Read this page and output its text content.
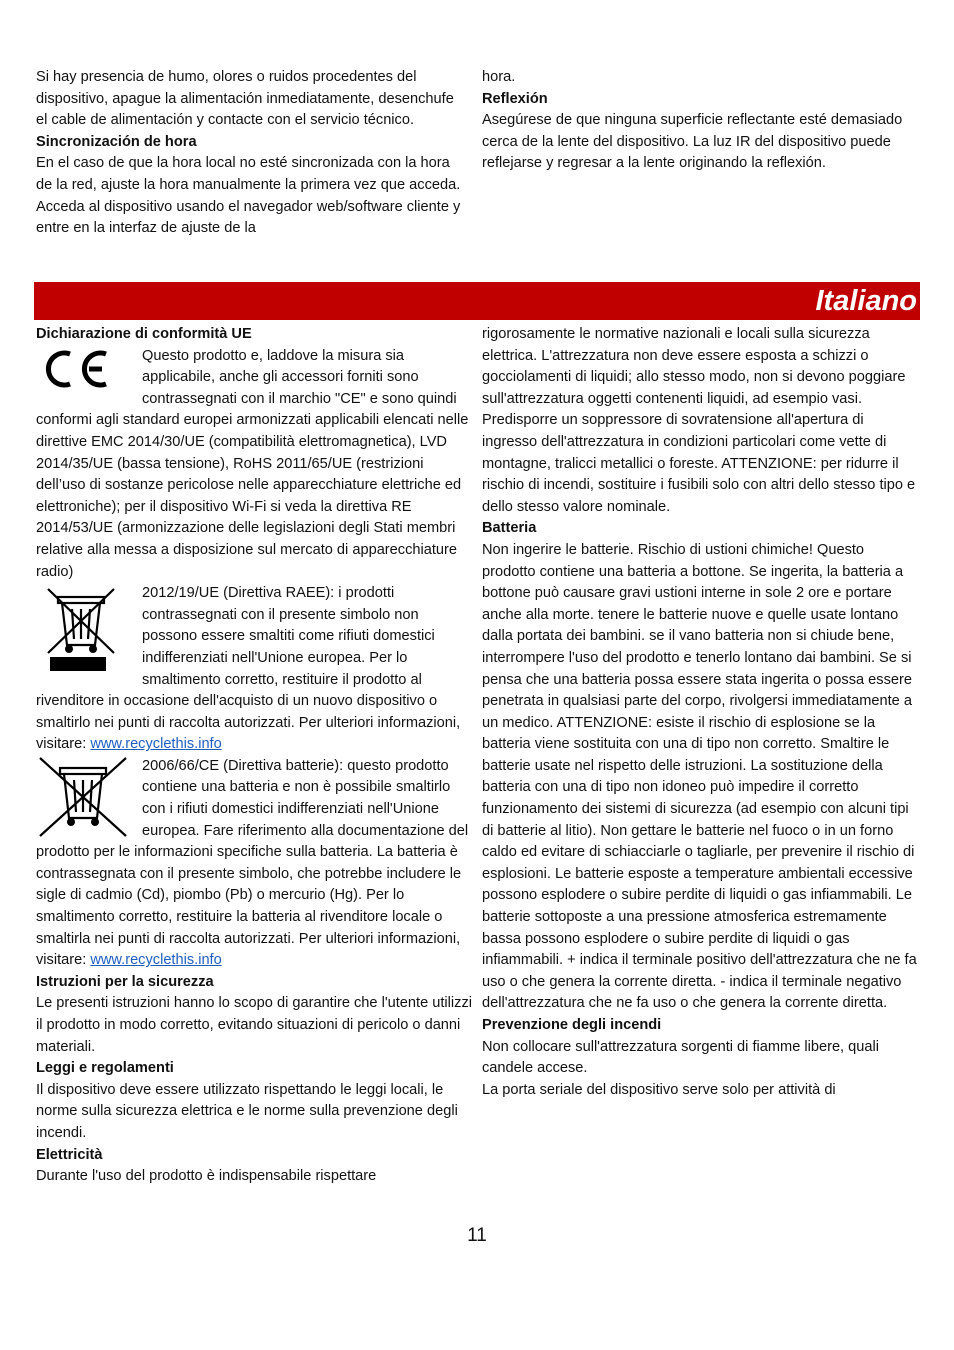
Si hay presencia de humo, olores o ruidos procedentes del dispositivo, apague la alimentación inmediatamente, desenchufe el cable de alimentación y contacte con el servicio técnico.

Sincronización de hora

En el caso de que la hora local no esté sincronizada con la hora de la red, ajuste la hora manualmente la primera vez que acceda. Acceda al dispositivo usando el navegador web/software cliente y entre en la interfaz de ajuste de la

hora.

Reflexión

Asegúrese de que ninguna superficie reflectante esté demasiado cerca de la lente del dispositivo. La luz IR del dispositivo puede reflejarse y regresar a la lente originando la reflexión.

Italiano

Dichiarazione di conformità UE

Questo prodotto e, laddove la misura sia applicabile, anche gli accessori forniti sono contrassegnati con il marchio "CE" e sono quindi conformi agli standard europei armonizzati applicabili elencati nelle direttive EMC 2014/30/UE (compatibilità elettromagnetica), LVD 2014/35/UE (bassa tensione), RoHS 2011/65/UE (restrizioni dell’uso di sostanze pericolose nelle apparecchiature elettriche ed elettroniche); per il dispositivo Wi-Fi si veda la direttiva RE 2014/53/UE (armonizzazione delle legislazioni degli Stati membri relative alla messa a disposizione sul mercato di apparecchiature radio)

2012/19/UE (Direttiva RAEE): i prodotti contrassegnati con il presente simbolo non possono essere smaltiti come rifiuti domestici indifferenziati nell'Unione europea. Per lo smaltimento corretto, restituire il prodotto al rivenditore in occasione dell'acquisto di un nuovo dispositivo o smaltirlo nei punti di raccolta autorizzati. Per ulteriori informazioni, visitare: www.recyclethis.info

2006/66/CE (Direttiva batterie): questo prodotto contiene una batteria e non è possibile smaltirlo con i rifiuti domestici indifferenziati nell'Unione europea. Fare riferimento alla documentazione del prodotto per le informazioni specifiche sulla batteria. La batteria è contrassegnata con il presente simbolo, che potrebbe includere le sigle di cadmio (Cd), piombo (Pb) o mercurio (Hg). Per lo smaltimento corretto, restituire la batteria al rivenditore locale o smaltirla nei punti di raccolta autorizzati. Per ulteriori informazioni, visitare: www.recyclethis.info

Istruzioni per la sicurezza

Le presenti istruzioni hanno lo scopo di garantire che l'utente utilizzi il prodotto in modo corretto, evitando situazioni di pericolo o danni materiali.

Leggi e regolamenti

Il dispositivo deve essere utilizzato rispettando le leggi locali, le norme sulla sicurezza elettrica e le norme sulla prevenzione degli incendi.

Elettricità

Durante l'uso del prodotto è indispensabile rispettare

rigorosamente le normative nazionali e locali sulla sicurezza elettrica. L'attrezzatura non deve essere esposta a schizzi o gocciolamenti di liquidi; allo stesso modo, non si devono poggiare sull'attrezzatura oggetti contenenti liquidi, ad esempio vasi. Predisporre un soppressore di sovratensione all'apertura di ingresso dell'attrezzatura in condizioni particolari come vette di montagne, tralicci metallici o foreste. ATTENZIONE: per ridurre il rischio di incendi, sostituire i fusibili solo con altri dello stesso tipo e dello stesso valore nominale.

Batteria

Non ingerire le batterie. Rischio di ustioni chimiche! Questo prodotto contiene una batteria a bottone. Se ingerita, la batteria a bottone può causare gravi ustioni interne in sole 2 ore e portare anche alla morte. tenere le batterie nuove e quelle usate lontano dalla portata dei bambini. se il vano batteria non si chiude bene, interrompere l'uso del prodotto e tenerlo lontano dai bambini. Se si pensa che una batteria possa essere stata ingerita o possa essere penetrata in qualsiasi parte del corpo, rivolgersi immediatamente a un medico. ATTENZIONE: esiste il rischio di esplosione se la batteria viene sostituita con una di tipo non corretto. Smaltire le batterie usate nel rispetto delle istruzioni. La sostituzione della batteria con una di tipo non idoneo può impedire il corretto funzionamento dei sistemi di sicurezza (ad esempio con alcuni tipi di batterie al litio). Non gettare le batterie nel fuoco o in un forno caldo ed evitare di schiacciarle o tagliarle, per prevenire il rischio di esplosioni. Le batterie esposte a temperature ambientali eccessive possono esplodere o subire perdite di liquidi o gas infiammabili. Le batterie sottoposte a una pressione atmosferica estremamente bassa possono esplodere o subire perdite di liquidi o gas infiammabili. + indica il terminale positivo dell'attrezzatura che ne fa uso o che genera la corrente diretta. - indica il terminale negativo dell'attrezzatura che ne fa uso o che genera la corrente diretta.

Prevenzione degli incendi

Non collocare sull'attrezzatura sorgenti di fiamme libere, quali candele accese.

La porta seriale del dispositivo serve solo per attività di

11
